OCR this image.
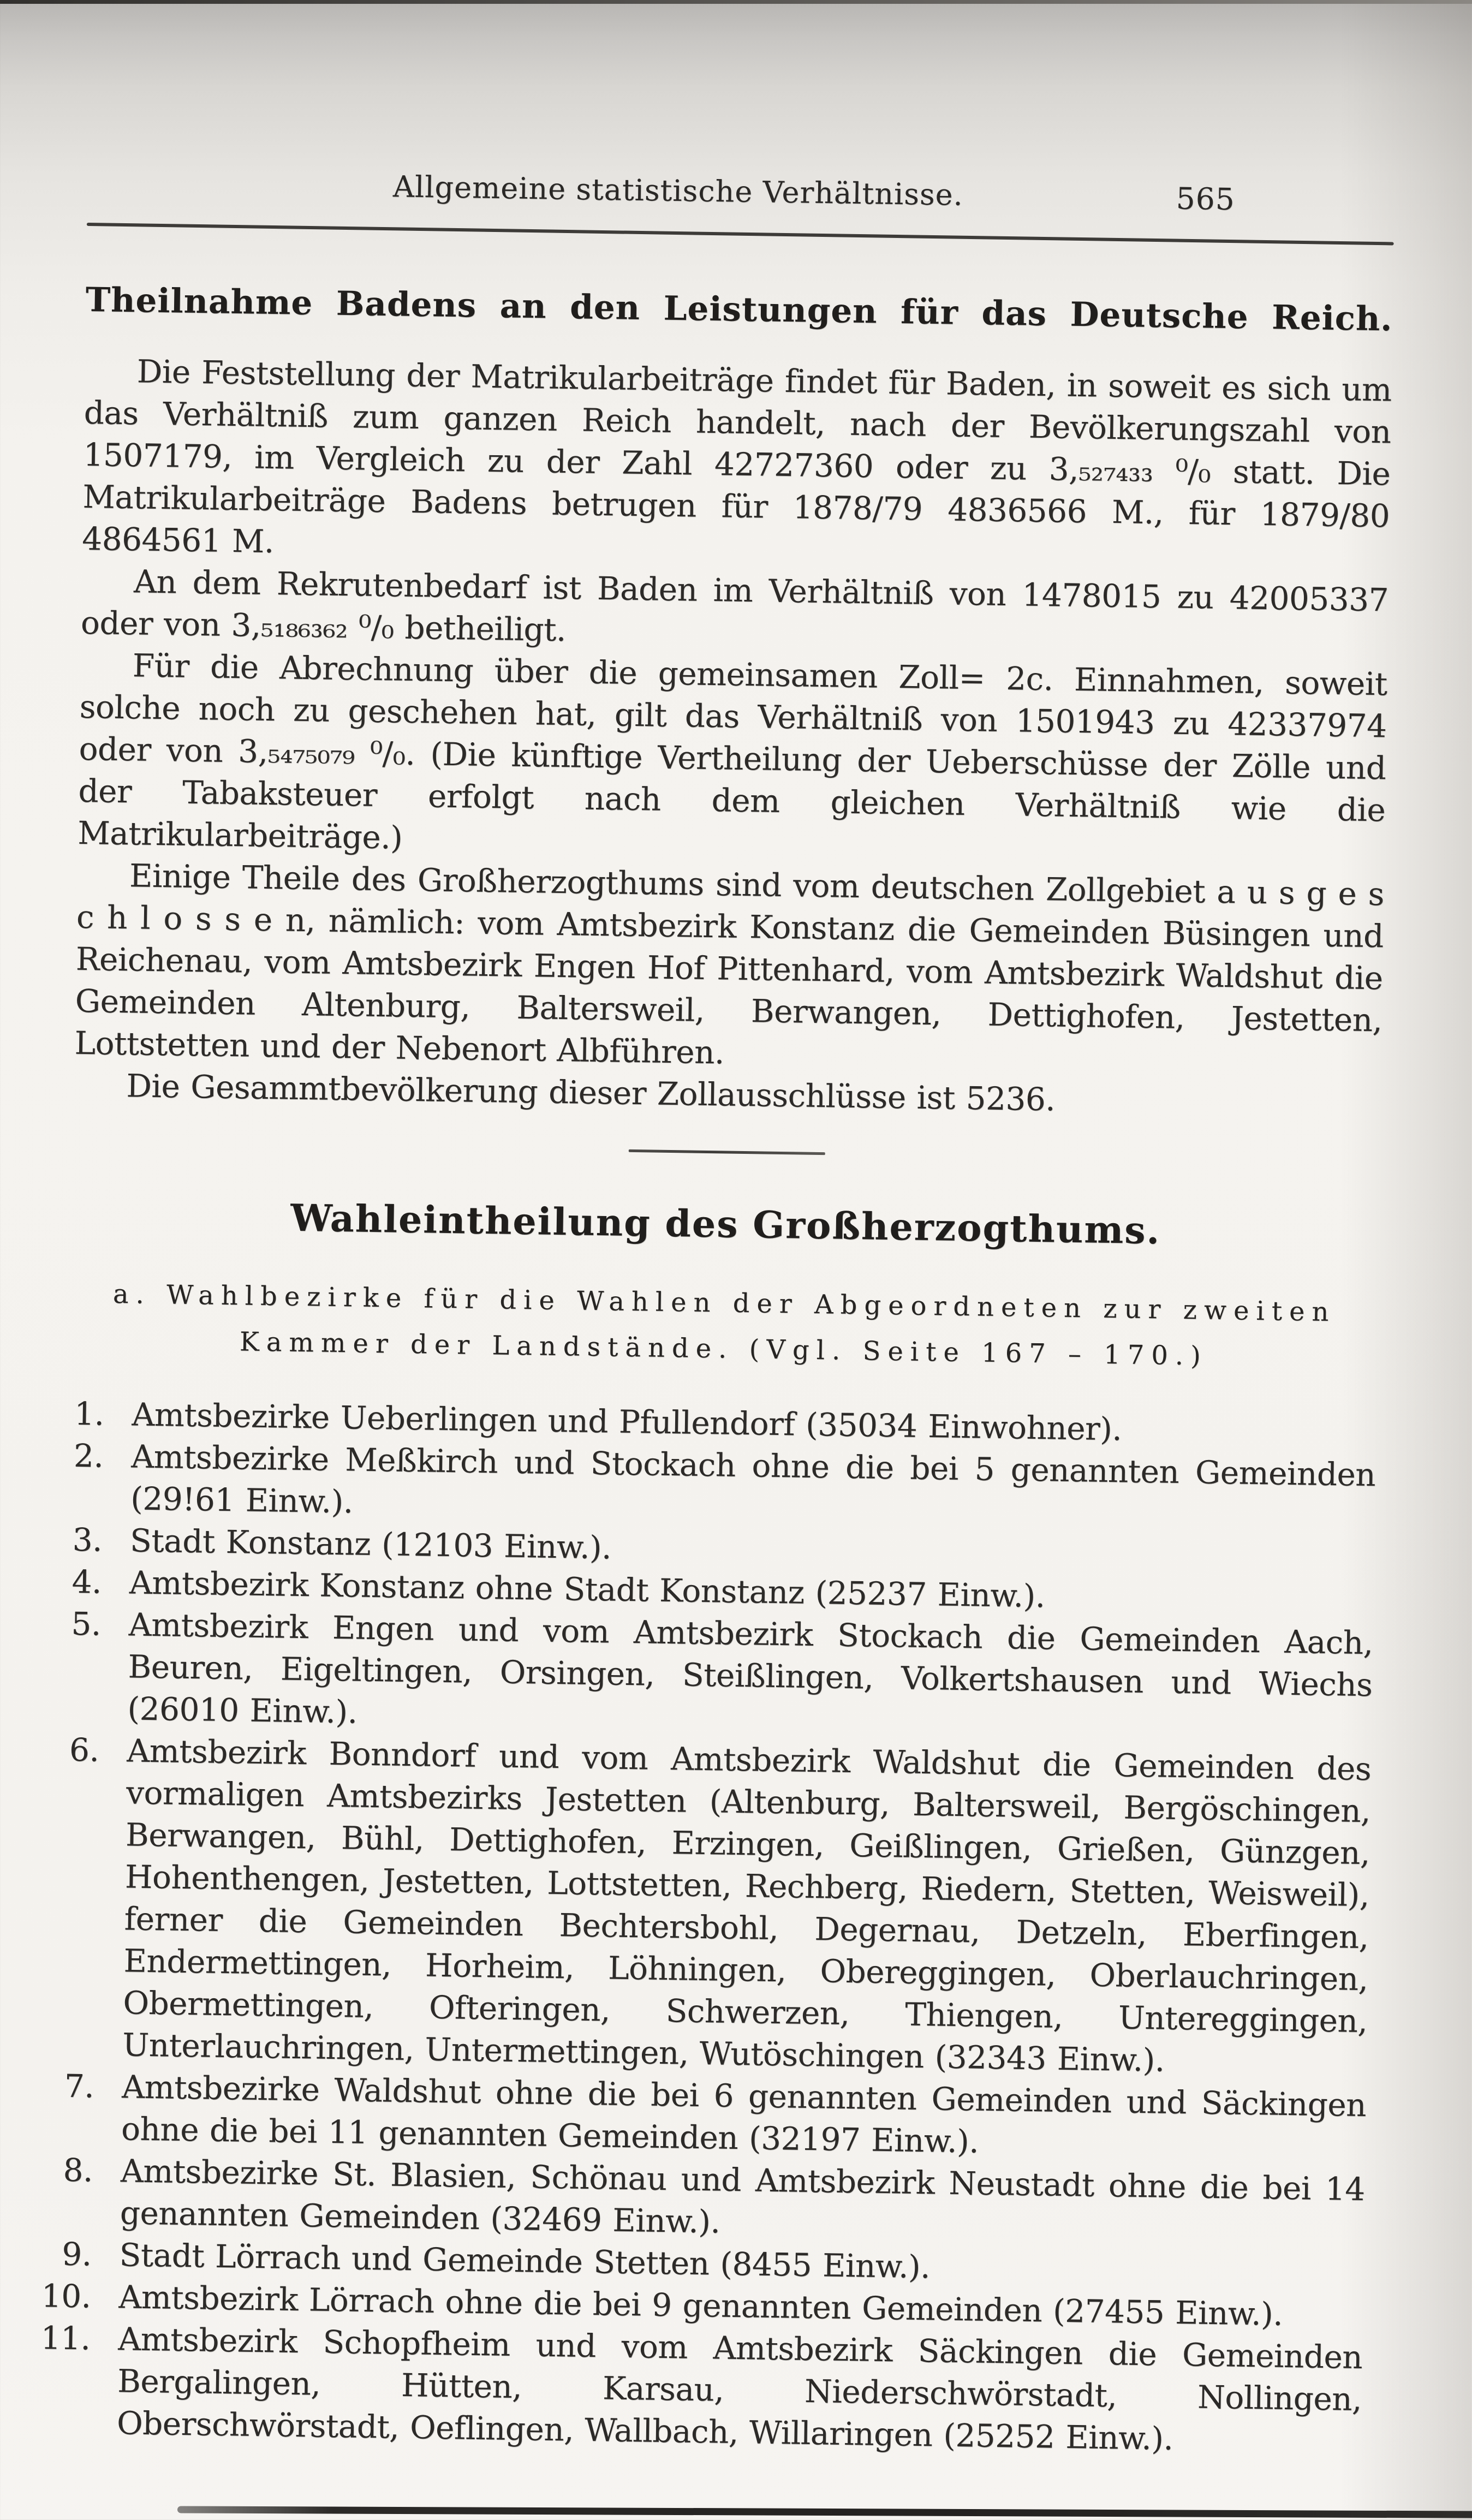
Allgemeine statistische Verhältnisse.	565
Theilnahme Badens an den Leistungen für das Deutsche Reich.

Die Feststellung der Matrikularbeiträge findet für Baden, in soweit es sich um das Verhältniß zum ganzen Reich handelt, nach der Bevölkerungszahl von 1507179, im Vergleich zu der Zahl 42727360 oder zu 3,₅₂₇₄₃₃ ⁰/₀ statt. Die Matrikularbeiträge Badens betrugen für 1878/79 4836566 M., für 1879/80 4864561 M.

An dem Rekrutenbedarf ist Baden im Verhältniß von 1478015 zu 42005337 oder von 3,₅₁₈₆₃₆₂ ⁰/₀ betheiligt.

Für die Abrechnung über die gemeinsamen Zoll= 2c. Einnahmen, soweit solche noch zu geschehen hat, gilt das Verhältniß von 1501943 zu 42337974 oder von 3,₅₄₇₅₀₇₉ ⁰/₀. (Die künftige Vertheilung der Ueberschüsse der Zölle und der Tabaksteuer erfolgt nach dem gleichen Verhältniß wie die Matrikularbeiträge.)

Einige Theile des Großherzogthums sind vom deutschen Zollgebiet a u s g e s c h l o s s e n, nämlich: vom Amtsbezirk Konstanz die Gemeinden Büsingen und Reichenau, vom Amtsbezirk Engen Hof Pittenhard, vom Amtsbezirk Waldshut die Gemeinden Altenburg, Baltersweil, Berwangen, Dettighofen, Jestetten, Lottstetten und der Nebenort Albführen.

Die Gesammtbevölkerung dieser Zollausschlüsse ist 5236.

Wahleintheilung des Großherzogthums.
a. Wahlbezirke für die Wahlen der Abgeordneten zur zweiten Kammer der Landstände. (Vgl. Seite 167 – 170.)

1. Amtsbezirke Ueberlingen und Pfullendorf (35034 Einwohner).

2. Amtsbezirke Meßkirch und Stockach ohne die bei 5 genannten Gemeinden (29!61 Einw.).

3. Stadt Konstanz (12103 Einw.).

4. Amtsbezirk Konstanz ohne Stadt Konstanz (25237 Einw.).

5. Amtsbezirk Engen und vom Amtsbezirk Stockach die Gemeinden Aach, Beuren, Eigeltingen, Orsingen, Steißlingen, Volkertshausen und Wiechs (26010 Einw.).

6. Amtsbezirk Bonndorf und vom Amtsbezirk Waldshut die Gemeinden des vormaligen Amtsbezirks Jestetten (Altenburg, Baltersweil, Bergöschingen, Berwangen, Bühl, Dettighofen, Erzingen, Geißlingen, Grießen, Günzgen, Hohenthengen, Jestetten, Lottstetten, Rechberg, Riedern, Stetten, Weisweil), ferner die Gemeinden Bechtersbohl, Degernau, Detzeln, Eberfingen, Endermettingen, Horheim, Löhningen, Obereggingen, Oberlauchringen, Obermettingen, Ofteringen, Schwerzen, Thiengen, Untereggingen, Unterlauchringen, Untermettingen, Wutöschingen (32343 Einw.).

7. Amtsbezirke Waldshut ohne die bei 6 genannten Gemeinden und Säckingen ohne die bei 11 genannten Gemeinden (32197 Einw.).

8. Amtsbezirke St. Blasien, Schönau und Amtsbezirk Neustadt ohne die bei 14 genannten Gemeinden (32469 Einw.).

9. Stadt Lörrach und Gemeinde Stetten (8455 Einw.).

10. Amtsbezirk Lörrach ohne die bei 9 genannten Gemeinden (27455 Einw.).

11. Amtsbezirk Schopfheim und vom Amtsbezirk Säckingen die Gemeinden Bergalingen, Hütten, Karsau, Niederschwörstadt, Nollingen, Oberschwörstadt, Oeflingen, Wallbach, Willaringen (25252 Einw.).
